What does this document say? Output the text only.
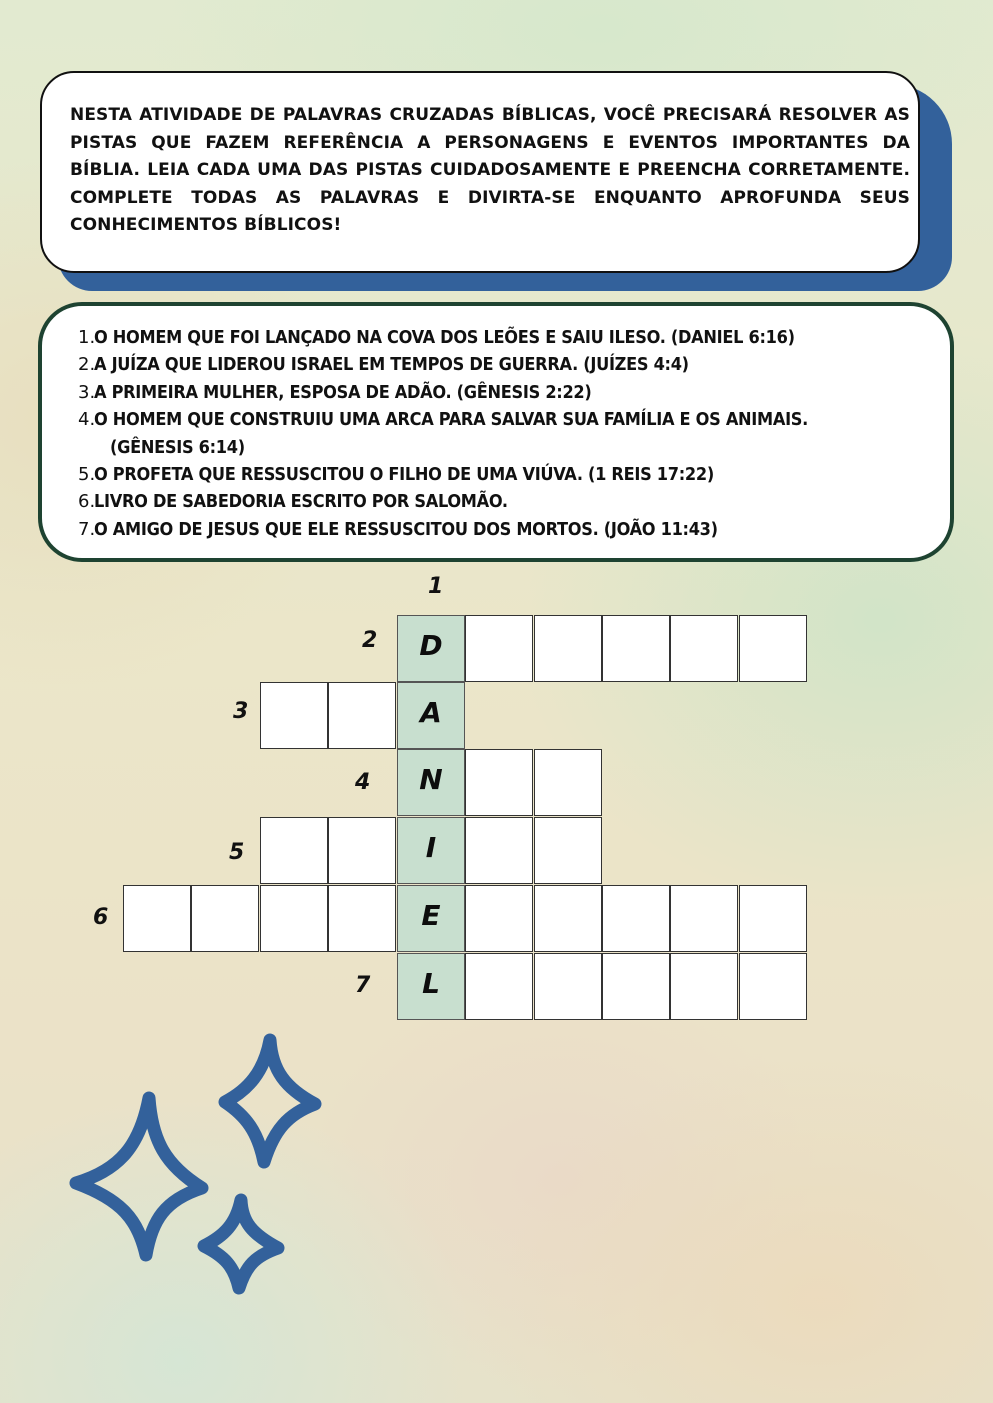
NESTA ATIVIDADE DE PALAVRAS CRUZADAS BÍBLICAS, VOCÊ PRECISARÁ RESOLVER AS PISTAS QUE FAZEM REFERÊNCIA A PERSONAGENS E EVENTOS IMPORTANTES DA BÍBLIA. LEIA CADA UMA DAS PISTAS CUIDADOSAMENTE E PREENCHA CORRETAMENTE. COMPLETE TODAS AS PALAVRAS E DIVIRTA-SE ENQUANTO APROFUNDA SEUS CONHECIMENTOS BÍBLICOS!
1.
O HOMEM QUE FOI LANÇADO NA COVA DOS LEÕES E SAIU ILESO. (DANIEL 6:16)
2.
A JUÍZA QUE LIDEROU ISRAEL EM TEMPOS DE GUERRA. (JUÍZES 4:4)
3.
A PRIMEIRA MULHER, ESPOSA DE ADÃO. (GÊNESIS 2:22)
4.
O HOMEM QUE CONSTRUIU UMA ARCA PARA SALVAR SUA FAMÍLIA E OS ANIMAIS.
(GÊNESIS 6:14)
5.
O PROFETA QUE RESSUSCITOU O FILHO DE UMA VIÚVA. (1 REIS 17:22)
6.
LIVRO DE SABEDORIA ESCRITO POR SALOMÃO.
7.
O AMIGO DE JESUS QUE ELE RESSUSCITOU DOS MORTOS. (JOÃO 11:43)
1
2
3
4
5
6
7
D
A
N
I
E
L
